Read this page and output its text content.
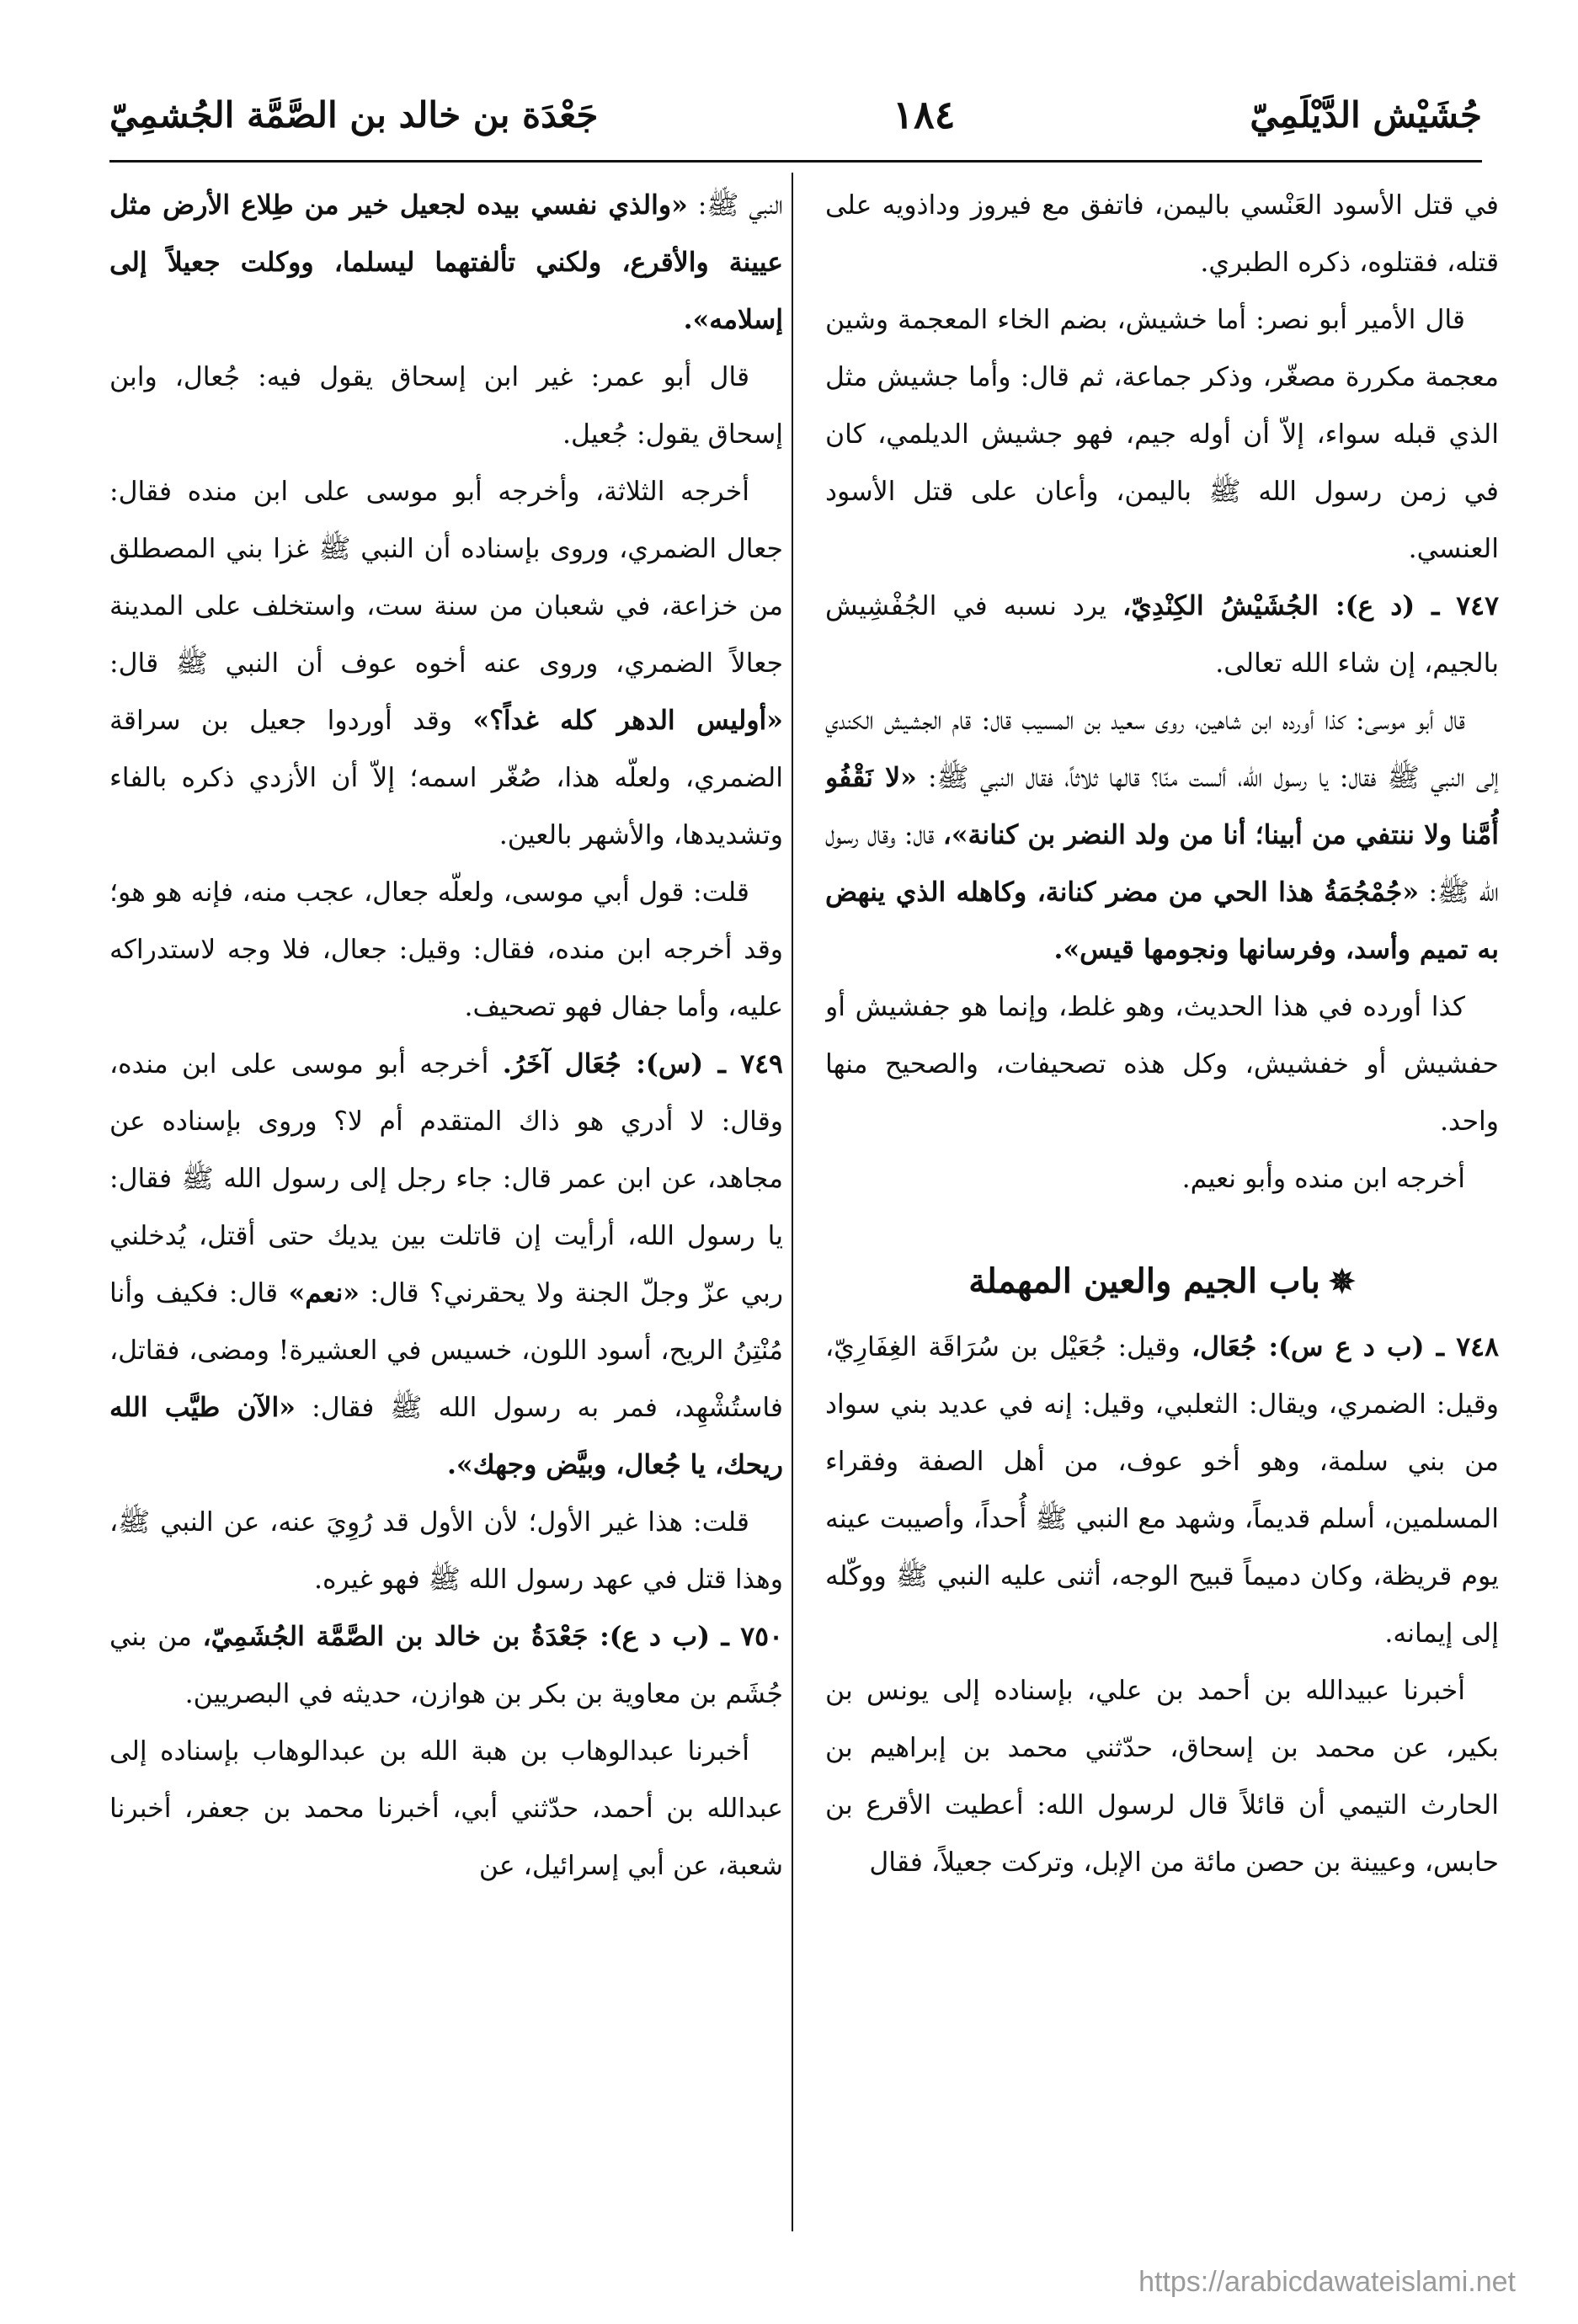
جُشَيْش الدَّيْلَمِيّ
١٨٤
جَعْدَة بن خالد بن الصَّمَّة الجُشمِيّ

في قتل الأسود العَنْسي باليمن، فاتفق مع فيروز وداذويه على قتله، فقتلوه، ذكره الطبري.

قال الأمير أبو نصر: أما خشيش، بضم الخاء المعجمة وشين معجمة مكررة مصغّر، وذكر جماعة، ثم قال: وأما جشيش مثل الذي قبله سواء، إلاّ أن أوله جيم، فهو جشيش الديلمي، كان في زمن رسول الله ﷺ باليمن، وأعان على قتل الأسود العنسي.

٧٤٧ ـ (د ع): الجُشَيْشُ الكِنْدِيّ، يرد نسبه في الجُفْشِيش بالجيم، إن شاء الله تعالى.

قال أبو موسى: كذا أورده ابن شاهين، روى سعيد بن المسيب قال: قام الجشيش الكندي إلى النبي ﷺ فقال: يا رسول الله، ألست منّا؟ قالها ثلاثاً، فقال النبي ﷺ: «لا نَقْفُو أُمَّنا ولا ننتفي من أبينا؛ أنا من ولد النضر بن كنانة»، قال: وقال رسول الله ﷺ: «جُمْجُمَةُ هذا الحي من مضر كنانة، وكاهله الذي ينهض به تميم وأسد، وفرسانها ونجومها قيس».

كذا أورده في هذا الحديث، وهو غلط، وإنما هو جفشيش أو حفشيش أو خفشيش، وكل هذه تصحيفات، والصحيح منها واحد.

أخرجه ابن منده وأبو نعيم.

✵باب الجيم والعين المهملة

٧٤٨ ـ (ب د ع س): جُعَال، وقيل: جُعَيْل بن سُرَاقَة الغِفَارِيّ، وقيل: الضمري، ويقال: الثعلبي، وقيل: إنه في عديد بني سواد من بني سلمة، وهو أخو عوف، من أهل الصفة وفقراء المسلمين، أسلم قديماً، وشهد مع النبي ﷺ أُحداً، وأصيبت عينه يوم قريظة، وكان دميماً قبيح الوجه، أثنى عليه النبي ﷺ ووكّله إلى إيمانه.

أخبرنا عبيدالله بن أحمد بن علي، بإسناده إلى يونس بن بكير، عن محمد بن إسحاق، حدّثني محمد بن إبراهيم بن الحارث التيمي أن قائلاً قال لرسول الله: أعطيت الأقرع بن حابس، وعيينة بن حصن مائة من الإبل، وتركت جعيلاً، فقال

النبي ﷺ: «والذي نفسي بيده لجعيل خير من طِلاع الأرض مثل عيينة والأقرع، ولكني تألفتهما ليسلما، ووكلت جعيلاً إلى إسلامه».

قال أبو عمر: غير ابن إسحاق يقول فيه: جُعال، وابن إسحاق يقول: جُعيل.

أخرجه الثلاثة، وأخرجه أبو موسى على ابن منده فقال: جعال الضمري، وروى بإسناده أن النبي ﷺ غزا بني المصطلق من خزاعة، في شعبان من سنة ست، واستخلف على المدينة جعالاً الضمري، وروى عنه أخوه عوف أن النبي ﷺ قال: «أوليس الدهر كله غداً؟» وقد أوردوا جعيل بن سراقة الضمري، ولعلّه هذا، صُغّر اسمه؛ إلاّ أن الأزدي ذكره بالفاء وتشديدها، والأشهر بالعين.

قلت: قول أبي موسى، ولعلّه جعال، عجب منه، فإنه هو هو؛ وقد أخرجه ابن منده، فقال: وقيل: جعال، فلا وجه لاستدراكه عليه، وأما جفال فهو تصحيف.

٧٤٩ ـ (س): جُعَال آخَرُ. أخرجه أبو موسى على ابن منده، وقال: لا أدري هو ذاك المتقدم أم لا؟ وروى بإسناده عن مجاهد، عن ابن عمر قال: جاء رجل إلى رسول الله ﷺ فقال: يا رسول الله، أرأيت إن قاتلت بين يديك حتى أقتل، يُدخلني ربي عزّ وجلّ الجنة ولا يحقرني؟ قال: «نعم» قال: فكيف وأنا مُنْتِنُ الريح، أسود اللون، خسيس في العشيرة! ومضى، فقاتل، فاستُشْهِد، فمر به رسول الله ﷺ فقال: «الآن طيَّب الله ريحك، يا جُعال، وبيَّض وجهك».

قلت: هذا غير الأول؛ لأن الأول قد رُوِيَ عنه، عن النبي ﷺ، وهذا قتل في عهد رسول الله ﷺ فهو غيره.

٧٥٠ ـ (ب د ع): جَعْدَةُ بن خالد بن الصَّمَّة الجُشَمِيّ، من بني جُشَم بن معاوية بن بكر بن هوازن، حديثه في البصريين.

أخبرنا عبدالوهاب بن هبة الله بن عبدالوهاب بإسناده إلى عبدالله بن أحمد، حدّثني أبي، أخبرنا محمد بن جعفر، أخبرنا شعبة، عن أبي إسرائيل، عن

https://arabicdawateislami.net
